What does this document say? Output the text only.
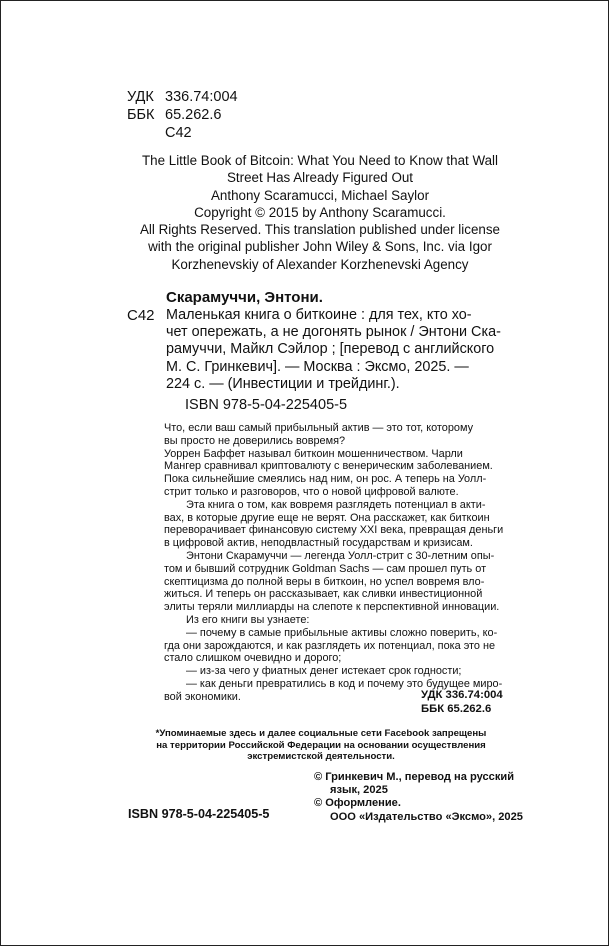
УДК 336.74:004
ББК 65.262.6
С42
The Little Book of Bitcoin: What You Need to Know that Wall
Street Has Already Figured Out
Anthony Scaramucci, Michael Saylor
Copyright © 2015 by Anthony Scaramucci.
All Rights Reserved. This translation published under license
with the original publisher John Wiley & Sons, Inc. via Igor
Korzhenevskiy of Alexander Korzhenevski Agency
Скарамуччи, Энтони.
С42 Маленькая книга о биткоине : для тех, кто хо-
чет опережать, а не догонять рынок / Энтони Ска-
рамуччи, Майкл Сэйлор ; [перевод с английского
М. С. Гринкевич]. — Москва : Эксмо, 2025. —
224 с. — (Инвестиции и трейдинг.).
ISBN 978-5-04-225405-5
Что, если ваш самый прибыльный актив — это тот, которому
вы просто не доверились вовремя?
Уоррен Баффет называл биткоин мошенничеством. Чарли
Мангер сравнивал криптовалюту с венерическим заболеванием.
Пока сильнейшие смеялись над ним, он рос. А теперь на Уолл-
стрит только и разговоров, что о новой цифровой валюте.
Эта книга о том, как вовремя разглядеть потенциал в акти-
вах, в которые другие еще не верят. Она расскажет, как биткоин
переворачивает финансовую систему XXI века, превращая деньги
в цифровой актив, неподвластный государствам и кризисам.
Энтони Скарамуччи — легенда Уолл-стрит с 30-летним опы-
том и бывший сотрудник Goldman Sachs — сам прошел путь от
скептицизма до полной веры в биткоин, но успел вовремя вло-
житься. И теперь он рассказывает, как сливки инвестиционной
элиты теряли миллиарды на слепоте к перспективной инновации.
Из его книги вы узнаете:
— почему в самые прибыльные активы сложно поверить, ко-
гда они зарождаются, и как разглядеть их потенциал, пока это не
стало слишком очевидно и дорого;
— из-за чего у фиатных денег истекает срок годности;
— как деньги превратились в код и почему это будущее миро-
вой экономики.	УДК 336.74:004
ББК 65.262.6
*Упоминаемые здесь и далее социальные сети Facebook запрещены
на территории Российской Федерации на основании осуществления
экстремистской деятельности.
© Гринкевич М., перевод на русский
язык, 2025
© Оформление.
ООО «Издательство «Эксмо», 2025
ISBN 978-5-04-225405-5
